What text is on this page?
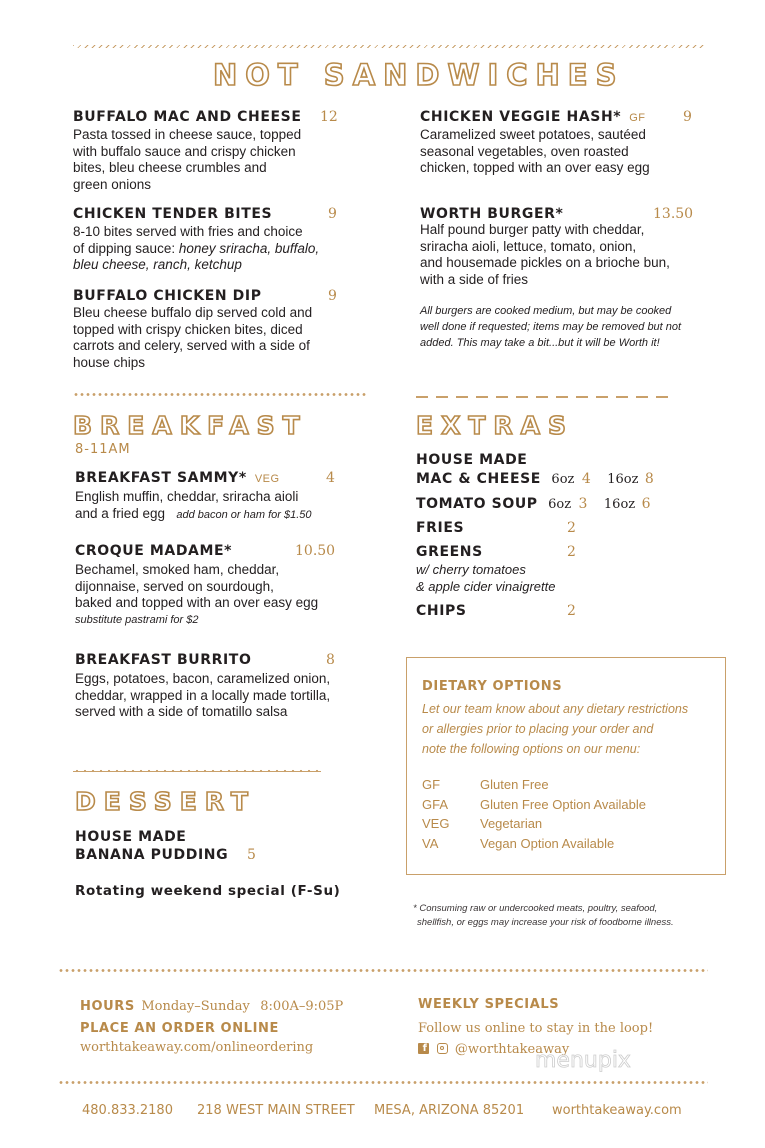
NOT SANDWICHES
BUFFALO MAC AND CHEESE 12
Pasta tossed in cheese sauce, topped
with buffalo sauce and crispy chicken
bites, bleu cheese crumbles and
green onions
CHICKEN TENDER BITES	9
8-10 bites served with fries and choice
of dipping sauce: honey sriracha, buffalo,
bleu cheese, ranch, ketchup
BUFFALO CHICKEN DIP	9
Bleu cheese buffalo dip served cold and
topped with crispy chicken bites, diced
carrots and celery, served with a side of
house chips
CHICKEN VEGGIE HASH* GF	9
Caramelized sweet potatoes, sautéed
seasonal vegetables, oven roasted
chicken, topped with an over easy egg
WORTH BURGER*	13.50
Half pound burger patty with cheddar,
sriracha aioli, lettuce, tomato, onion,
and housemade pickles on a brioche bun,
with a side of fries
All burgers are cooked medium, but may be cooked
well done if requested; items may be removed but not
added. This may take a bit...but it will be Worth it!
BREAKFAST
8-11AM
BREAKFAST SAMMY* VEG	4
English muffin, cheddar, sriracha aioli
and a fried egg add bacon or ham for $1.50
CROQUE MADAME*	10.50
Bechamel, smoked ham, cheddar,
dijonnaise, served on sourdough,
baked and topped with an over easy egg
substitute pastrami for $2
BREAKFAST BURRITO	8
Eggs, potatoes, bacon, caramelized onion,
cheddar, wrapped in a locally made tortilla,
served with a side of tomatillo salsa
EXTRAS
HOUSE MADE
MAC & CHEESE 6oz 4 16oz 8
TOMATO SOUP 6oz 3 16oz 6
FRIES	2
GREENS	2
w/ cherry tomatoes
& apple cider vinaigrette
CHIPS	2
DIETARY OPTIONS
Let our team know about any dietary restrictions
or allergies prior to placing your order and
note the following options on our menu:
GF	Gluten Free
GFA Gluten Free Option Available
VEG Vegetarian
VA	Vegan Option Available
* Consuming raw or undercooked meats, poultry, seafood,
shellfish, or eggs may increase your risk of foodborne illness.
DESSERT
HOUSE MADE
BANANA PUDDING 5
Rotating weekend special (F-Su)
HOURS Monday–Sunday 8:00A–9:05P
PLACE AN ORDER ONLINE
worthtakeaway.com/onlineordering
WEEKLY SPECIALS
Follow us online to stay in the loop!
f
@worthtakeaway
menupix
480.833.2180 218 WEST MAIN STREET MESA, ARIZONA 85201 worthtakeaway.com
